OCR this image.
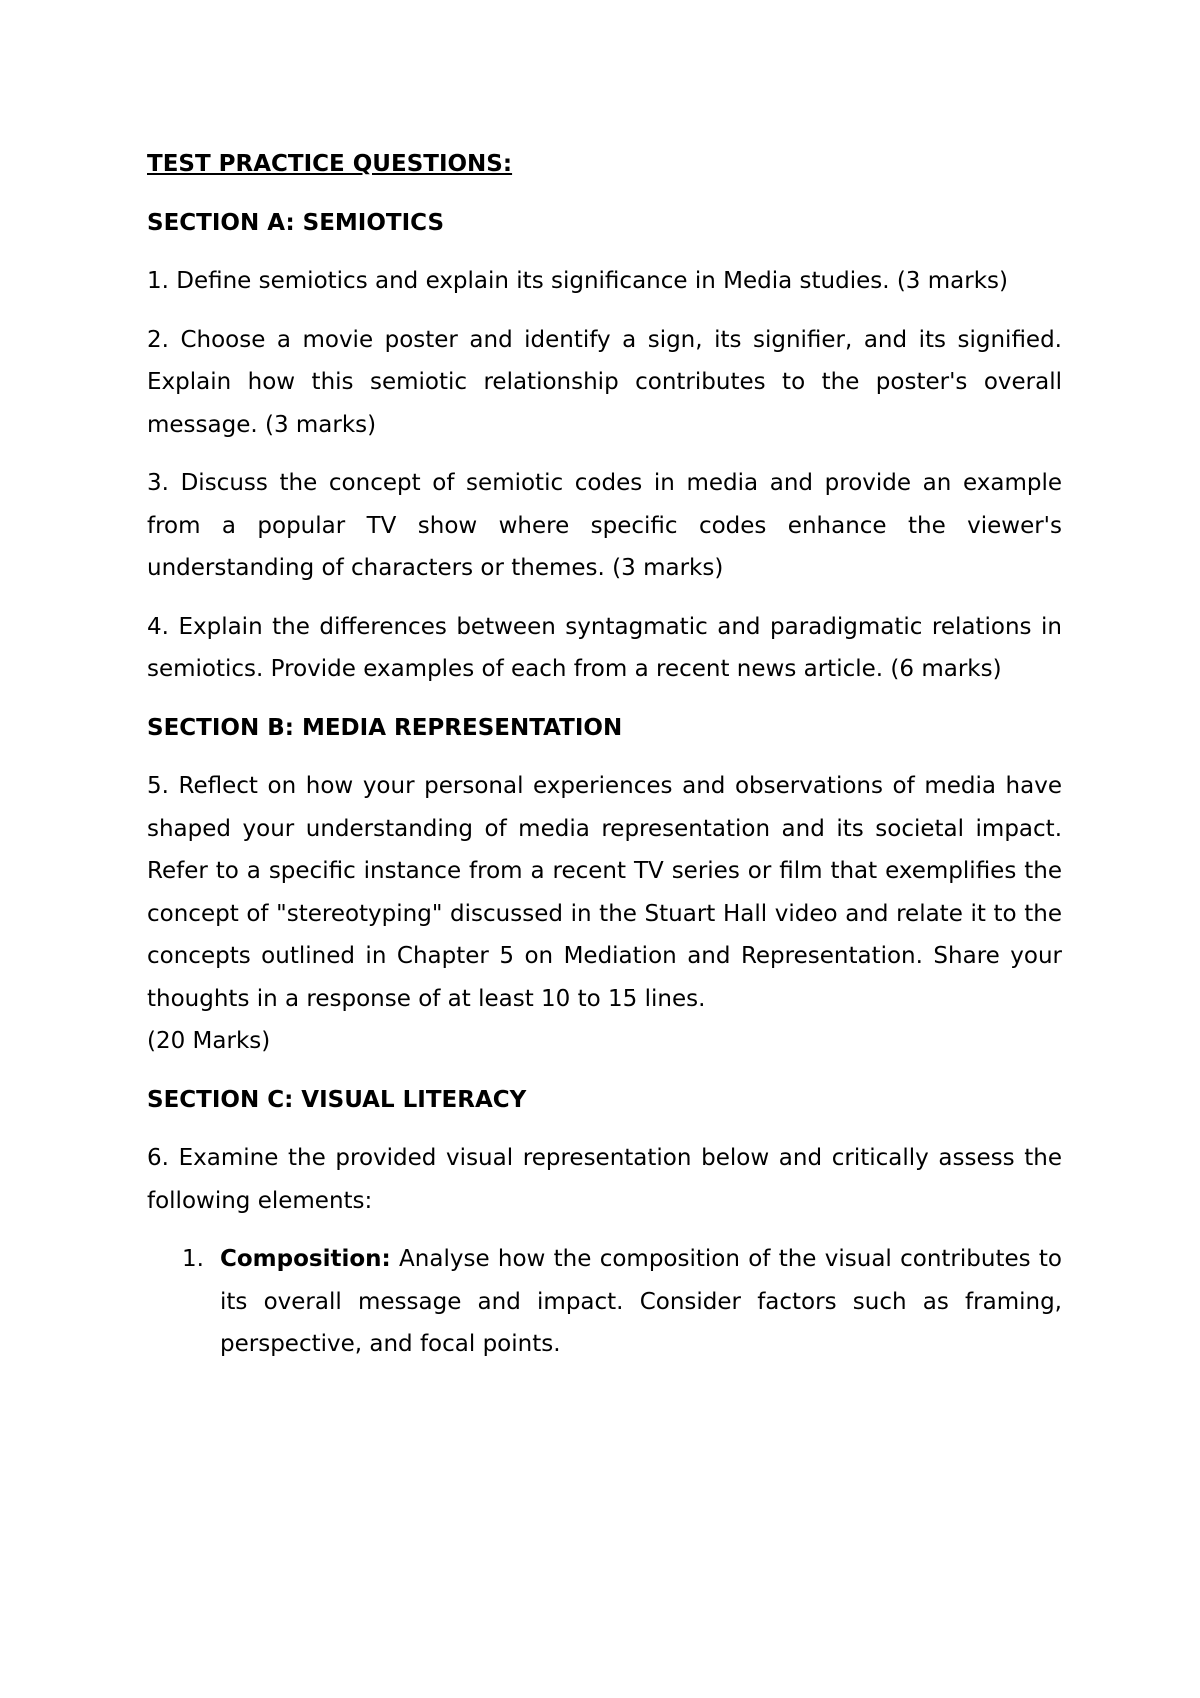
TEST PRACTICE QUESTIONS:
SECTION A: SEMIOTICS
1. Define semiotics and explain its significance in Media studies. (3 marks)
2. Choose a movie poster and identify a sign, its signifier, and its signified. Explain how this semiotic relationship contributes to the poster's overall message. (3 marks)
3. Discuss the concept of semiotic codes in media and provide an example from a popular TV show where specific codes enhance the viewer's understanding of characters or themes. (3 marks)
4. Explain the differences between syntagmatic and paradigmatic relations in semiotics. Provide examples of each from a recent news article. (6 marks)
SECTION B: MEDIA REPRESENTATION
5. Reflect on how your personal experiences and observations of media have shaped your understanding of media representation and its societal impact. Refer to a specific instance from a recent TV series or film that exemplifies the concept of "stereotyping" discussed in the Stuart Hall video and relate it to the concepts outlined in Chapter 5 on Mediation and Representation. Share your thoughts in a response of at least 10 to 15 lines.
(20 Marks)
SECTION C: VISUAL LITERACY
6. Examine the provided visual representation below and critically assess the following elements:
1. Composition: Analyse how the composition of the visual contributes to its overall message and impact. Consider factors such as framing, perspective, and focal points.
